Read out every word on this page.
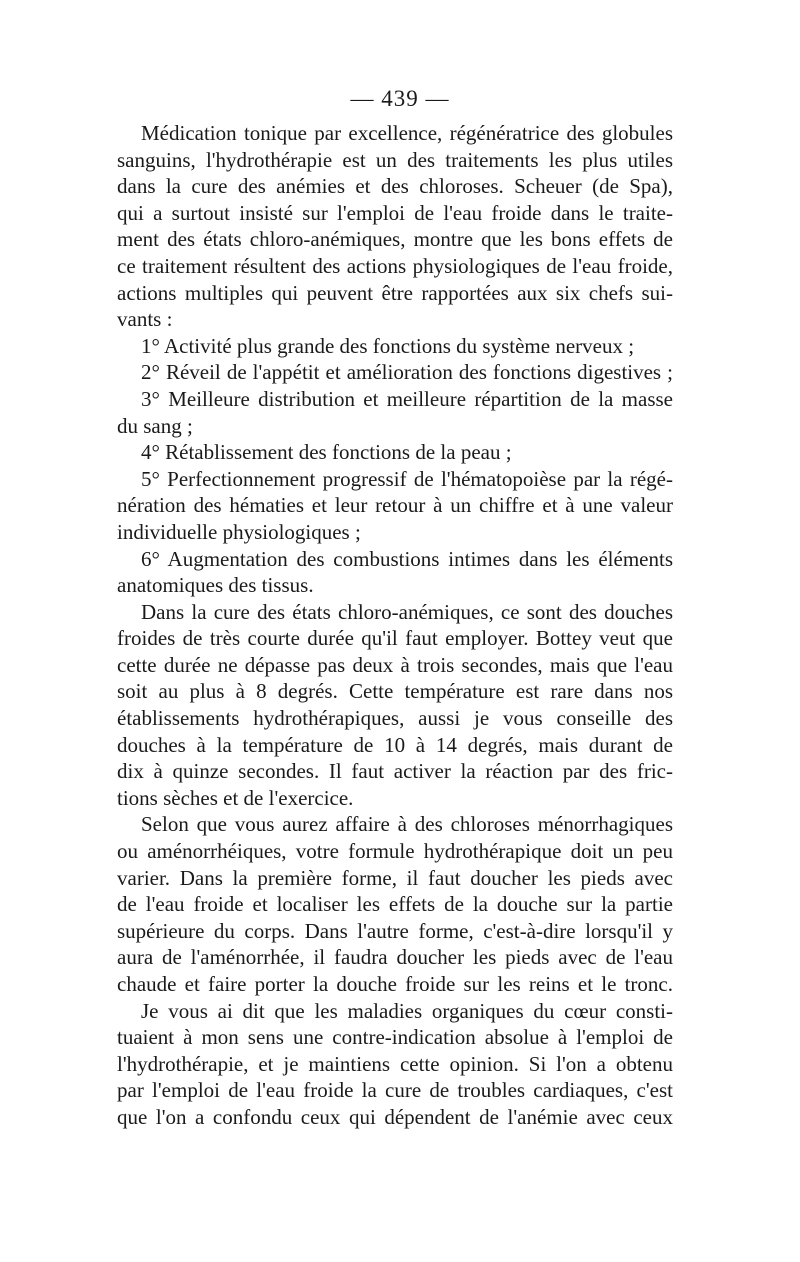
— 439 —
Médication tonique par excellence, régénératrice des globules
sanguins, l'hydrothérapie est un des traitements les plus utiles
dans la cure des anémies et des chloroses. Scheuer (de Spa),
qui a surtout insisté sur l'emploi de l'eau froide dans le traite-
ment des états chloro-anémiques, montre que les bons effets de
ce traitement résultent des actions physiologiques de l'eau froide,
actions multiples qui peuvent être rapportées aux six chefs sui-
vants :
1° Activité plus grande des fonctions du système nerveux ;
2° Réveil de l'appétit et amélioration des fonctions digestives ;
3° Meilleure distribution et meilleure répartition de la masse
du sang ;
4° Rétablissement des fonctions de la peau ;
5° Perfectionnement progressif de l'hématopoièse par la régé-
nération des hématies et leur retour à un chiffre et à une valeur
individuelle physiologiques ;
6° Augmentation des combustions intimes dans les éléments
anatomiques des tissus.
Dans la cure des états chloro-anémiques, ce sont des douches
froides de très courte durée qu'il faut employer. Bottey veut que
cette durée ne dépasse pas deux à trois secondes, mais que l'eau
soit au plus à 8 degrés. Cette température est rare dans nos
établissements hydrothérapiques, aussi je vous conseille des
douches à la température de 10 à 14 degrés, mais durant de
dix à quinze secondes. Il faut activer la réaction par des fric-
tions sèches et de l'exercice.
Selon que vous aurez affaire à des chloroses ménorrhagiques
ou aménorrhéiques, votre formule hydrothérapique doit un peu
varier. Dans la première forme, il faut doucher les pieds avec
de l'eau froide et localiser les effets de la douche sur la partie
supérieure du corps. Dans l'autre forme, c'est-à-dire lorsqu'il y
aura de l'aménorrhée, il faudra doucher les pieds avec de l'eau
chaude et faire porter la douche froide sur les reins et le tronc.
Je vous ai dit que les maladies organiques du cœur consti-
tuaient à mon sens une contre-indication absolue à l'emploi de
l'hydrothérapie, et je maintiens cette opinion. Si l'on a obtenu
par l'emploi de l'eau froide la cure de troubles cardiaques, c'est
que l'on a confondu ceux qui dépendent de l'anémie avec ceux
